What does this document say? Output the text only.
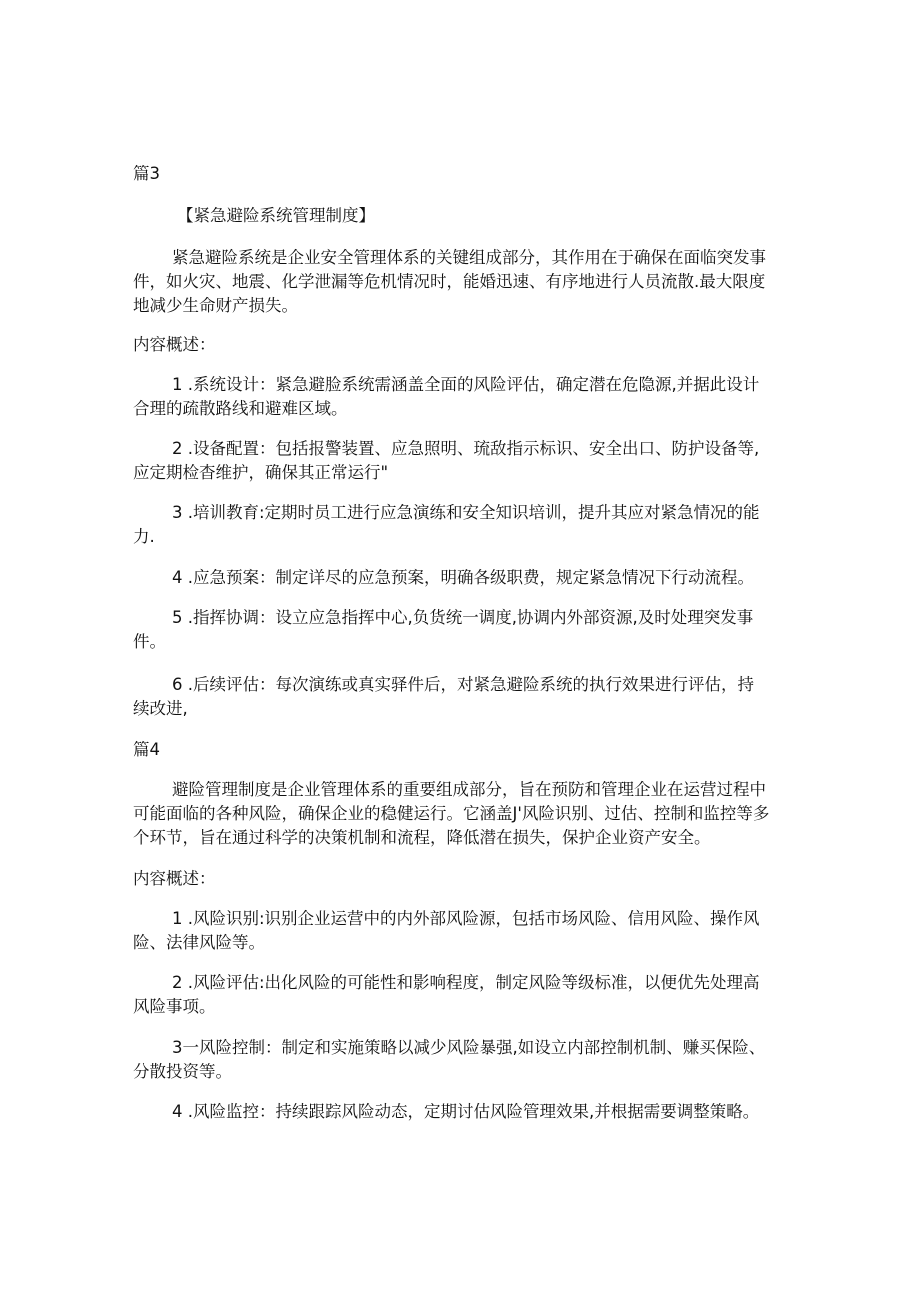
篇3
【紧急避险系统管理制度】
紧急避险系统是企业安全管理体系的关键组成部分，其作用在于确保在面临突发事
件，如火灾、地震、化学泄漏等危机情况时，能婚迅速、有序地进行人员流散.最大限度
地减少生命财产损失。
内容概述：
1 .系统设计：紧急避脸系统需涵盖全面的风险评估，确定潜在危隐源,并据此设计
合理的疏散路线和避难区域。
2 .设备配置：包括报警装置、应急照明、琉敌指示标识、安全出口、防护设备等,
应定期检杳维护，确保其正常运行"
3 .培训教育:定期时员工进行应急演练和安全知识培训，提升其应对紧急情况的能
力.
4 .应急预案：制定详尽的应急预案，明确各级职费，规定紧急情况下行动流程。
5 .指挥协调：设立应急指挥中心,负货统一调度,协调内外部资源,及时处理突发事
件。
6 .后续评估：每次演练或真实驿件后，对紧急避险系统的执行效果进行评估，持
续改进,
篇4
避险管理制度是企业管理体系的重要组成部分，旨在预防和管理企业在运营过程中
可能面临的各种风险，确保企业的稳健运行。它涵盖J'风险识别、过估、控制和监控等多
个环节，旨在通过科学的决策机制和流程，降低潜在损失，保护企业资产安全。
内容概述：
1 .风险识别:识别企业运营中的内外部风险源，包括市场风险、信用风险、操作风
险、法律风险等。
2 .风险评估:出化风险的可能性和影响程度，制定风险等级标准，以便优先处理高
风险事项。
3一风险控制：制定和实施策略以减少风险暴强,如设立内部控制机制、赚买保险、
分散投资等。
4 .风险监控：持续跟踪风险动态，定期讨估风险管理效果,并根据需要调整策略。
